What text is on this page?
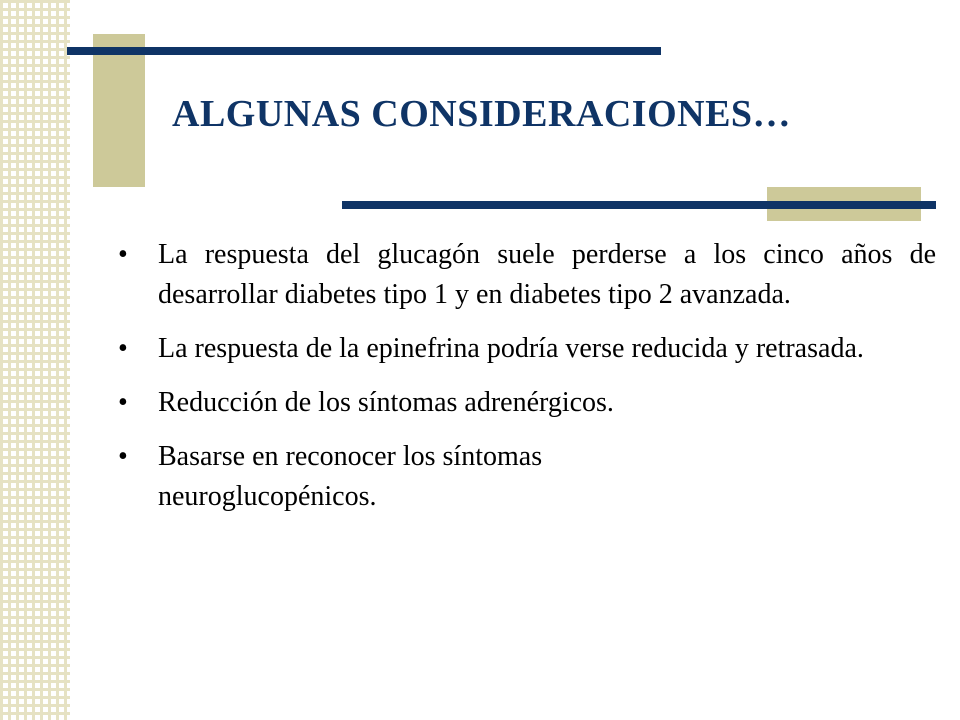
ALGUNAS CONSIDERACIONES…
•	La respuesta del glucagón suele perderse a los cinco años de desarrollar diabetes tipo 1 y en diabetes tipo 2 avanzada.
•	La respuesta de la epinefrina podría verse reducida y retrasada.
•	Reducción de los síntomas adrenérgicos.
•	Basarse en reconocer los síntomas neuroglucopénicos.
